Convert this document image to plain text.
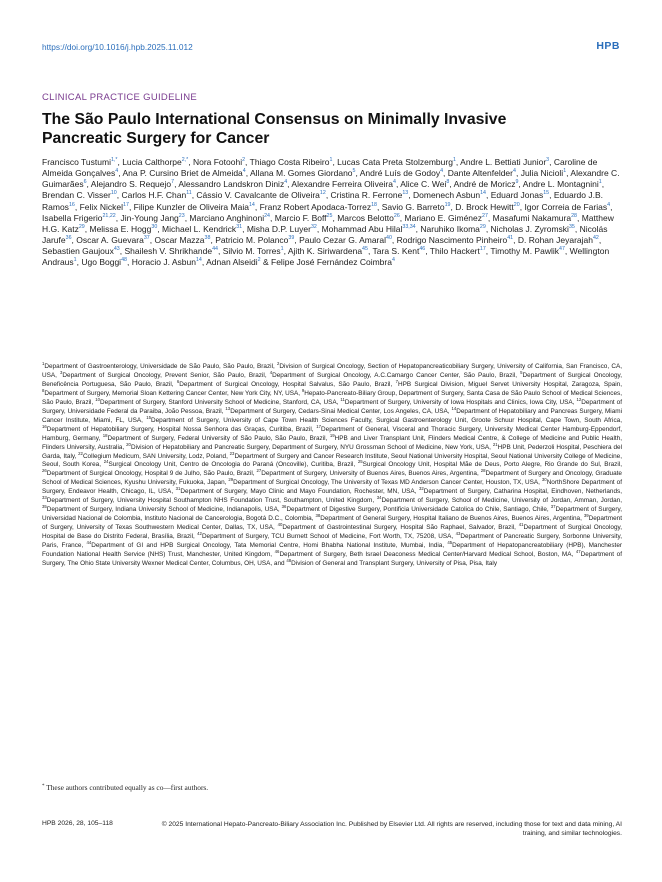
https://doi.org/10.1016/j.hpb.2025.11.012	HPB
CLINICAL PRACTICE GUIDELINE
The São Paulo International Consensus on Minimally Invasive Pancreatic Surgery for Cancer
Francisco Tustumi$^{1,*}$, Lucia Calthorpe$^{2,*}$, Nora Fotoohi$^2$, Thiago Costa Ribeiro$^1$, Lucas Cata Preta Stolzemburg$^1$, Andre L. Bettiati Junior$^3$, Caroline de Almeida Gonçalves$^4$, Ana P. Cursino Briet de Almeida$^4$, Allana M. Gomes Giordano$^5$, André Luís de Godoy$^4$, Dante Altenfelder$^4$, Julia Nicioli$^1$, Alexandre C. Guimarães$^6$, Alejandro S. Requejo$^7$, Alessandro Landskron Diniz$^4$, Alexandre Ferreira Oliveira$^4$, Alice C. Wei$^8$, André de Moricz$^9$, Andre L. Montagnini$^1$, Brendan C. Visser$^{10}$, Carlos H.F. Chan$^{11}$, Cássio V. Cavalcante de Oliveira$^{12}$, Cristina R. Ferrone$^{13}$, Domenech Asbun$^{14}$, Eduard Jonas$^{15}$, Eduardo J.B. Ramos$^{16}$, Felix Nickel$^{17}$, Filipe Kunzler de Oliveira Maia$^{14}$, Franz Robert Apodaca-Torrez$^{18}$, Savio G. Barreto$^{19}$, D. Brock Hewitt$^{20}$, Igor Correia de Farias$^4$, Isabella Frigerio$^{21,22}$, Jin-Young Jang$^{23}$, Marciano Anghinoni$^{24}$, Marcio F. Boff$^{25}$, Marcos Belotto$^{26}$, Mariano E. Giménez$^{27}$, Masafumi Nakamura$^{28}$, Matthew H.G. Katz$^{29}$, Melissa E. Hogg$^{30}$, Michael L. Kendrick$^{31}$, Misha D.P. Luyer$^{32}$, Mohammad Abu Hilal$^{33,34}$, Naruhiko Ikoma$^{29}$, Nicholas J. Zyromski$^{35}$, Nicolás Jarufe$^{36}$, Oscar A. Guevara$^{37}$, Oscar Mazza$^{38}$, Patricio M. Polanco$^{39}$, Paulo Cezar G. Amaral$^{40}$, Rodrigo Nascimento Pinheiro$^{41}$, D. Rohan Jeyarajah$^{42}$, Sebastien Gaujoux$^{43}$, Shailesh V. Shrikhande$^{44}$, Silvio M. Torres$^1$, Ajith K. Siriwardena$^{45}$, Tara S. Kent$^{46}$, Thilo Hackert$^{17}$, Timothy M. Pawlik$^{47}$, Wellington Andraus$^1$, Ugo Boggi$^{48}$, Horacio J. Asbun$^{14}$, Adnan Alseidi$^2$ & Felipe José Fernández Coimbra$^4$
$^1$Department of Gastroenterology, Universidade de São Paulo, São Paulo, Brazil, $^2$Division of Surgical Oncology, Section of Hepatopancreaticobiliary Surgery, University of California, San Francisco, CA, USA, $^3$Department of Surgical Oncology, Prevent Senior, São Paulo, Brazil, $^4$Department of Surgical Oncology, A.C.Camargo Cancer Center, São Paulo, Brazil, $^5$Department of Surgical Oncology, Beneficência Portuguesa, São Paulo, Brazil, $^6$Department of Surgical Oncology, Hospital Salvalus, São Paulo, Brazil, $^7$HPB Surgical Division, Miguel Servet University Hospital, Zaragoza, Spain, $^8$Department of Surgery, Memorial Sloan Kettering Cancer Center, New York City, NY, USA, $^9$Hepato-Pancreato-Biliary Group, Department of Surgery, Santa Casa de São Paulo School of Medical Sciences, São Paulo, Brazil, $^{10}$Department of Surgery, Stanford University School of Medicine, Stanford, CA, USA, $^{11}$Department of Surgery, University of Iowa Hospitals and Clinics, Iowa City, USA, $^{12}$Department of Surgery, Universidade Federal da Paraiba, João Pessoa, Brazil, $^{13}$Department of Surgery, Cedars-Sinai Medical Center, Los Angeles, CA, USA, $^{14}$Department of Hepatobiliary and Pancreas Surgery, Miami Cancer Institute, Miami, FL, USA, $^{15}$Department of Surgery, University of Cape Town Health Sciences Faculty, Surgical Gastroenterology Unit, Groote Schuur Hospital, Cape Town, South Africa, $^{16}$Department of Hepatobiliary Surgery, Hospital Nossa Senhora das Graças, Curitiba, Brazil, $^{17}$Department of General, Visceral and Thoracic Surgery, University Medical Center Hamburg-Eppendorf, Hamburg, Germany, $^{18}$Department of Surgery, Federal University of São Paulo, São Paulo, Brazil, $^{19}$HPB and Liver Transplant Unit, Flinders Medical Centre, & College of Medicine and Public Health, Flinders University, Australia, $^{20}$Division of Hepatobiliary and Pancreatic Surgery, Department of Surgery, NYU Grossman School of Medicine, New York, USA, $^{21}$HPB Unit, Pederzoli Hospital, Peschiera del Garda, Italy, $^{22}$Collegium Medicum, SAN University, Lodz, Poland, $^{23}$Department of Surgery and Cancer Research Institute, Seoul National University Hospital, Seoul National University College of Medicine, Seoul, South Korea, $^{24}$Surgical Oncology Unit, Centro de Oncologia do Paraná (Oncoville), Curitiba, Brazil, $^{25}$Surgical Oncology Unit, Hospital Mãe de Deus, Porto Alegre, Rio Grande do Sul, Brazil, $^{26}$Department of Surgical Oncology, Hospital 9 de Julho, São Paulo, Brazil, $^{27}$Department of Surgery, University of Buenos Aires, Buenos Aires, Argentina, $^{28}$Department of Surgery and Oncology, Graduate School of Medical Sciences, Kyushu University, Fukuoka, Japan, $^{29}$Department of Surgical Oncology, The University of Texas MD Anderson Cancer Center, Houston, TX, USA, $^{30}$NorthShore Department of Surgery, Endeavor Health, Chicago, IL, USA, $^{31}$Department of Surgery, Mayo Clinic and Mayo Foundation, Rochester, MN, USA, $^{32}$Department of Surgery, Catharina Hospital, Eindhoven, Netherlands, $^{33}$Department of Surgery, University Hospital Southampton NHS Foundation Trust, Southampton, United Kingdom, $^{34}$Department of Surgery, School of Medicine, University of Jordan, Amman, Jordan, $^{35}$Department of Surgery, Indiana University School of Medicine, Indianapolis, USA, $^{36}$Department of Digestive Surgery, Pontificia Universidade Catolica do Chile, Santiago, Chile, $^{37}$Department of Surgery, Universidad Nacional de Colombia, Instituto Nacional de Cancerologia, Bogotá D.C., Colombia, $^{38}$Department of General Surgery, Hospital Italiano de Buenos Aires, Buenos Aires, Argentina, $^{39}$Department of Surgery, University of Texas Southwestern Medical Center, Dallas, TX, USA, $^{40}$Department of Gastrointestinal Surgery, Hospital São Raphael, Salvador, Brazil, $^{41}$Department of Surgical Oncology, Hospital de Base do Distrito Federal, Brasília, Brazil, $^{42}$Department of Surgery, TCU Burnett School of Medicine, Fort Worth, TX, 75208, USA, $^{43}$Department of Pancreatic Surgery, Sorbonne University, Paris, France, $^{44}$Department of GI and HPB Surgical Oncology, Tata Memorial Centre, Homi Bhabha National Institute, Mumbai, India, $^{45}$Department of Hepatopancreatobiliary (HPB), Manchester Foundation National Health Service (NHS) Trust, Manchester, United Kingdom, $^{46}$Department of Surgery, Beth Israel Deaconess Medical Center/Harvard Medical School, Boston, MA, $^{47}$Department of Surgery, The Ohio State University Wexner Medical Center, Columbus, OH, USA, and $^{48}$Division of General and Transplant Surgery, University of Pisa, Pisa, Italy
* These authors contributed equally as co—first authors.
HPB 2026, 28, 105–118	© 2025 International Hepato-Pancreato-Biliary Association Inc. Published by Elsevier Ltd. All rights are reserved, including those for text and data mining, AI training, and similar technologies.
